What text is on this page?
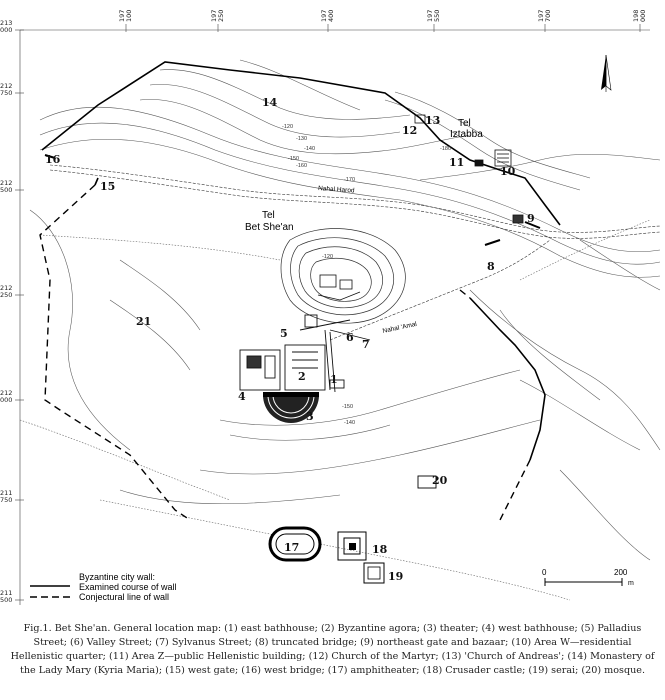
Byzantine city wall:
Examined course of wall
Conjectural line of wall
0	200
m
Tel
Iztabba
Tel
Bet She'an
Nahal Harod
Nahal 'Amal
-120
-130
-140
-150
-160
-170
-180
-120
-150
-140
1
2
3
4
5	6
7
8
9
10
11
12
13
14
15
16
17	18
19
20
21
213 000
212 750
212 500
212 250
212 000
211 750
211 500
197100	197250	197400	197550	197700	198000

Fig.1. Bet She'an. General location map: (1) east bathhouse; (2) Byzantine agora; (3) theater; (4) west bathhouse; (5) Palladius Street; (6) Valley Street; (7) Sylvanus Street; (8) truncated bridge; (9) northeast gate and bazaar; (10) Area W—residential Hellenistic quarter; (11) Area Z—public Hellenistic building; (12) Church of the Martyr; (13) 'Church of Andreas'; (14) Monastery of the Lady Mary (Kyria Maria); (15) west gate; (16) west bridge; (17) amphitheater; (18) Crusader castle; (19) serai; (20) mosque.
